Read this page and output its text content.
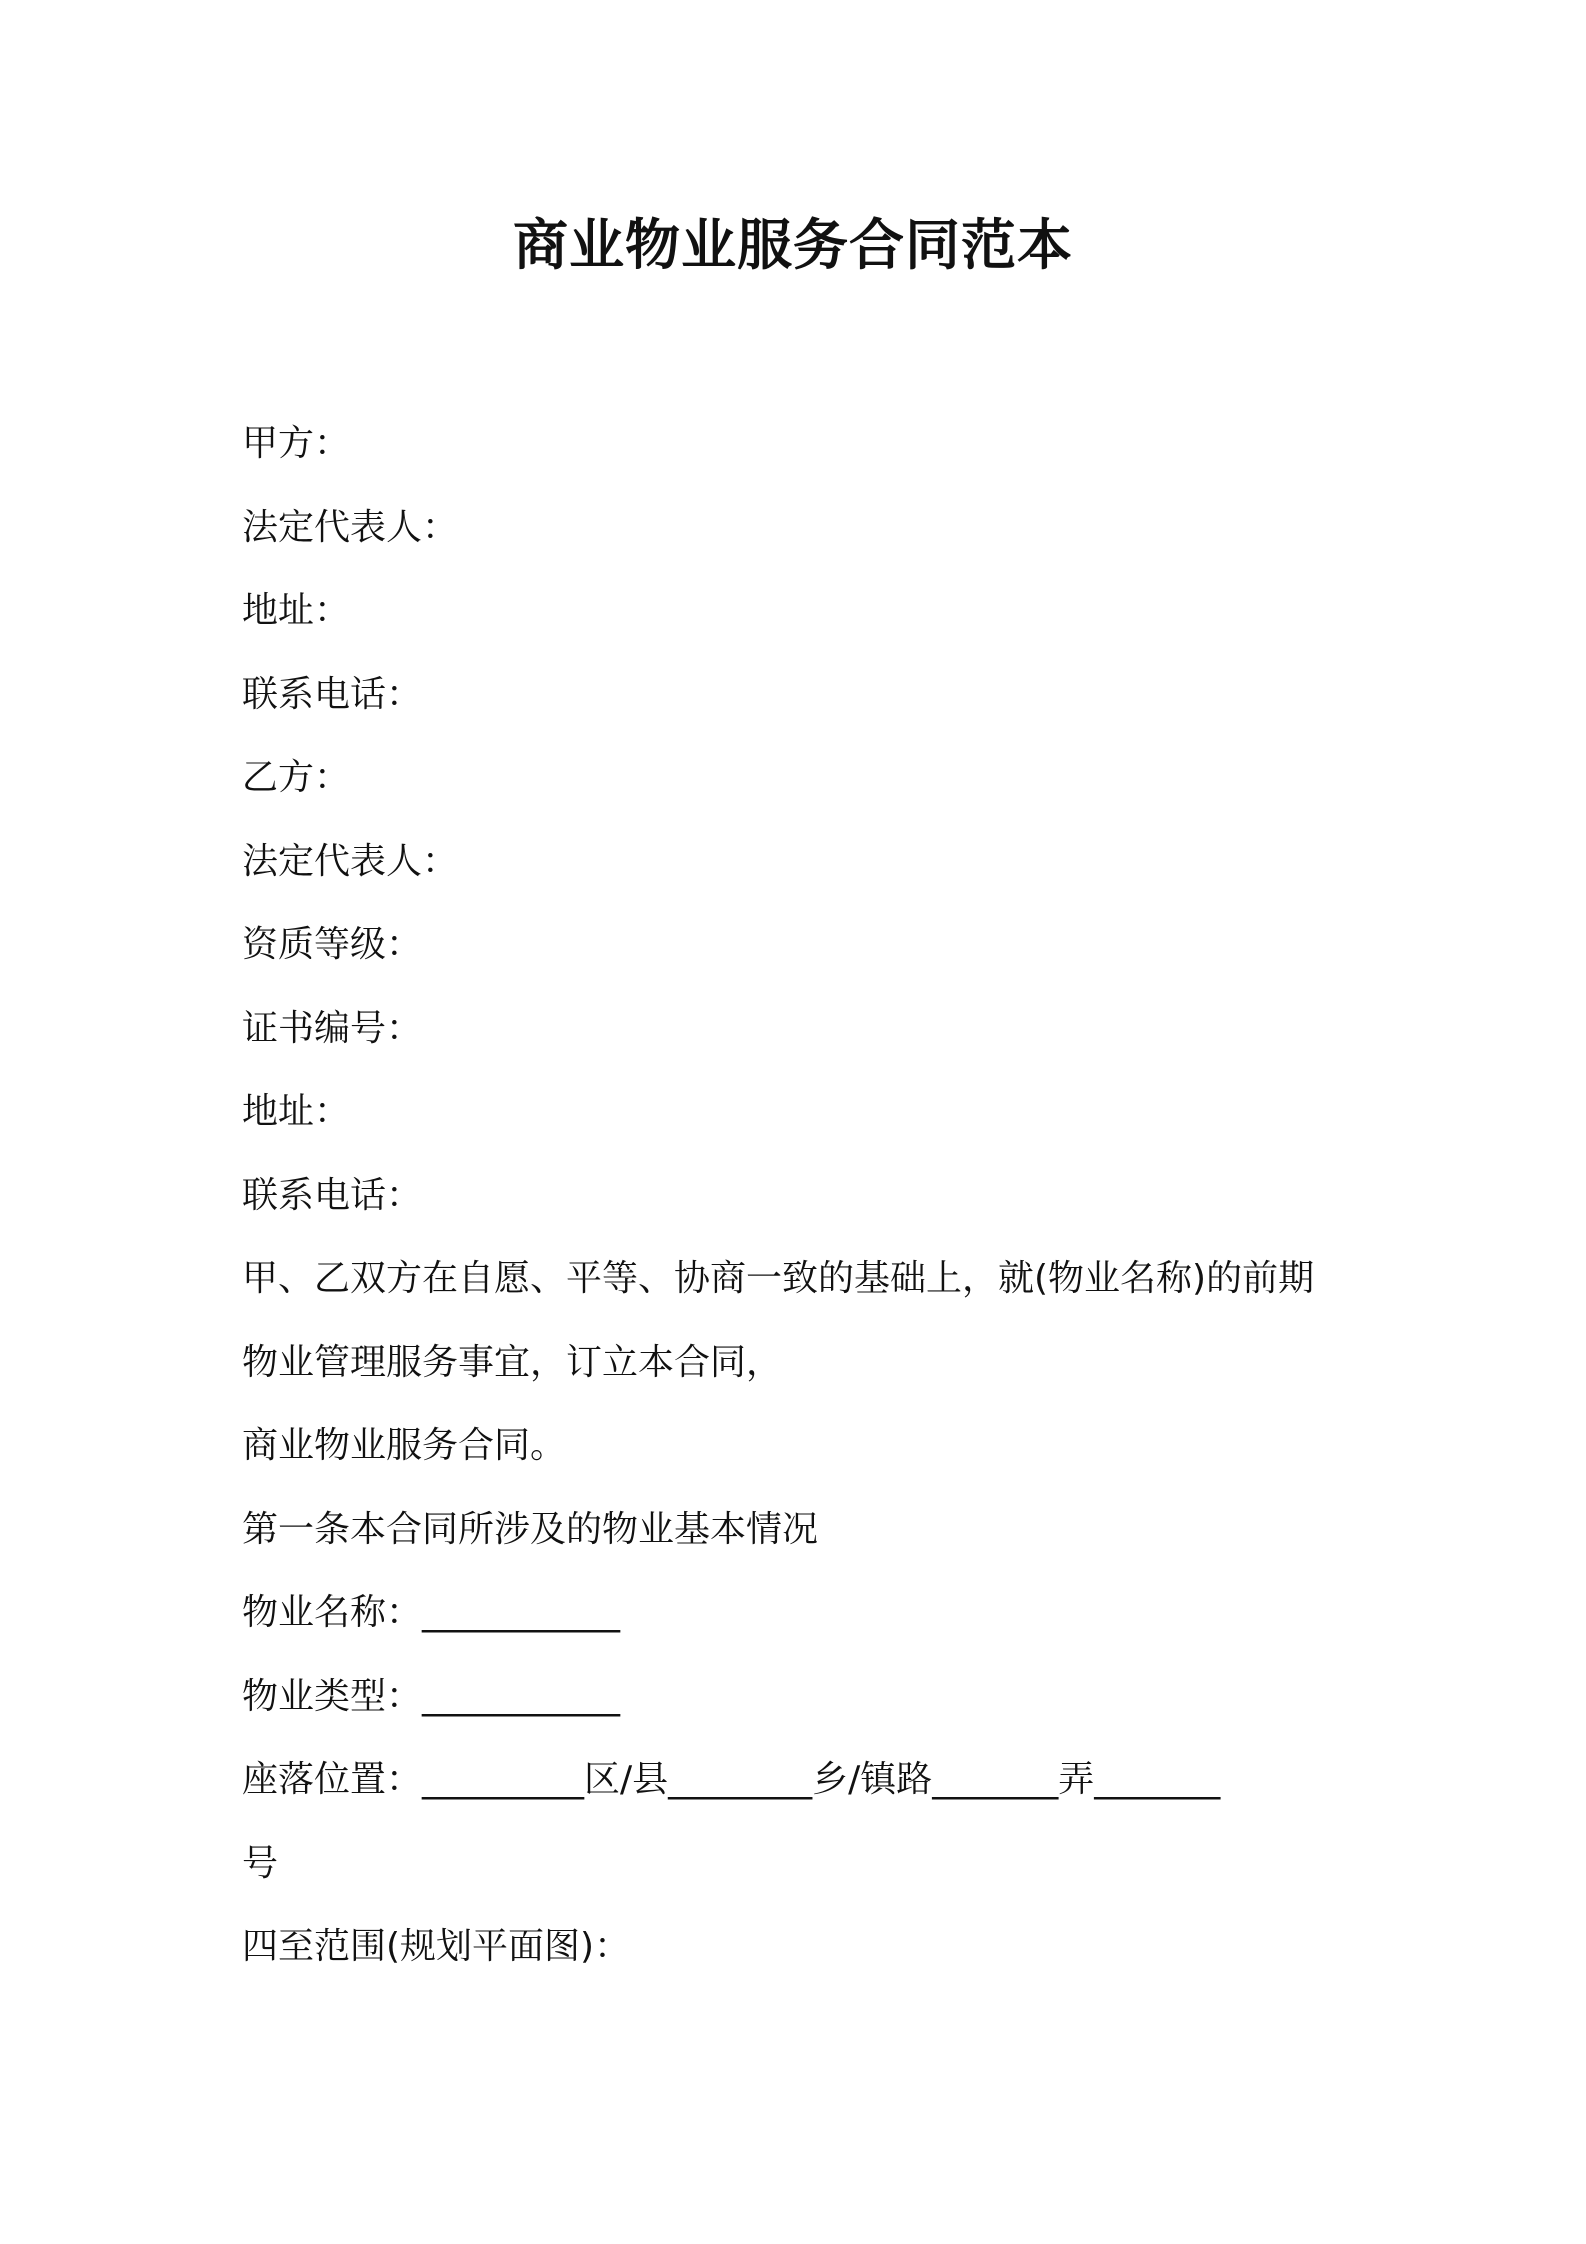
商业物业服务合同范本
甲方：
法定代表人：
地址：
联系电话：
乙方：
法定代表人：
资质等级：
证书编号：
地址：
联系电话：
甲、乙双方在自愿、平等、协商一致的基础上，就(物业名称)的前期
物业管理服务事宜，订立本合同，
商业物业服务合同。
第一条本合同所涉及的物业基本情况
物业名称：___________
物业类型：___________
座落位置：_________区/县________乡/镇路_______弄_______
号
四至范围(规划平面图)：
